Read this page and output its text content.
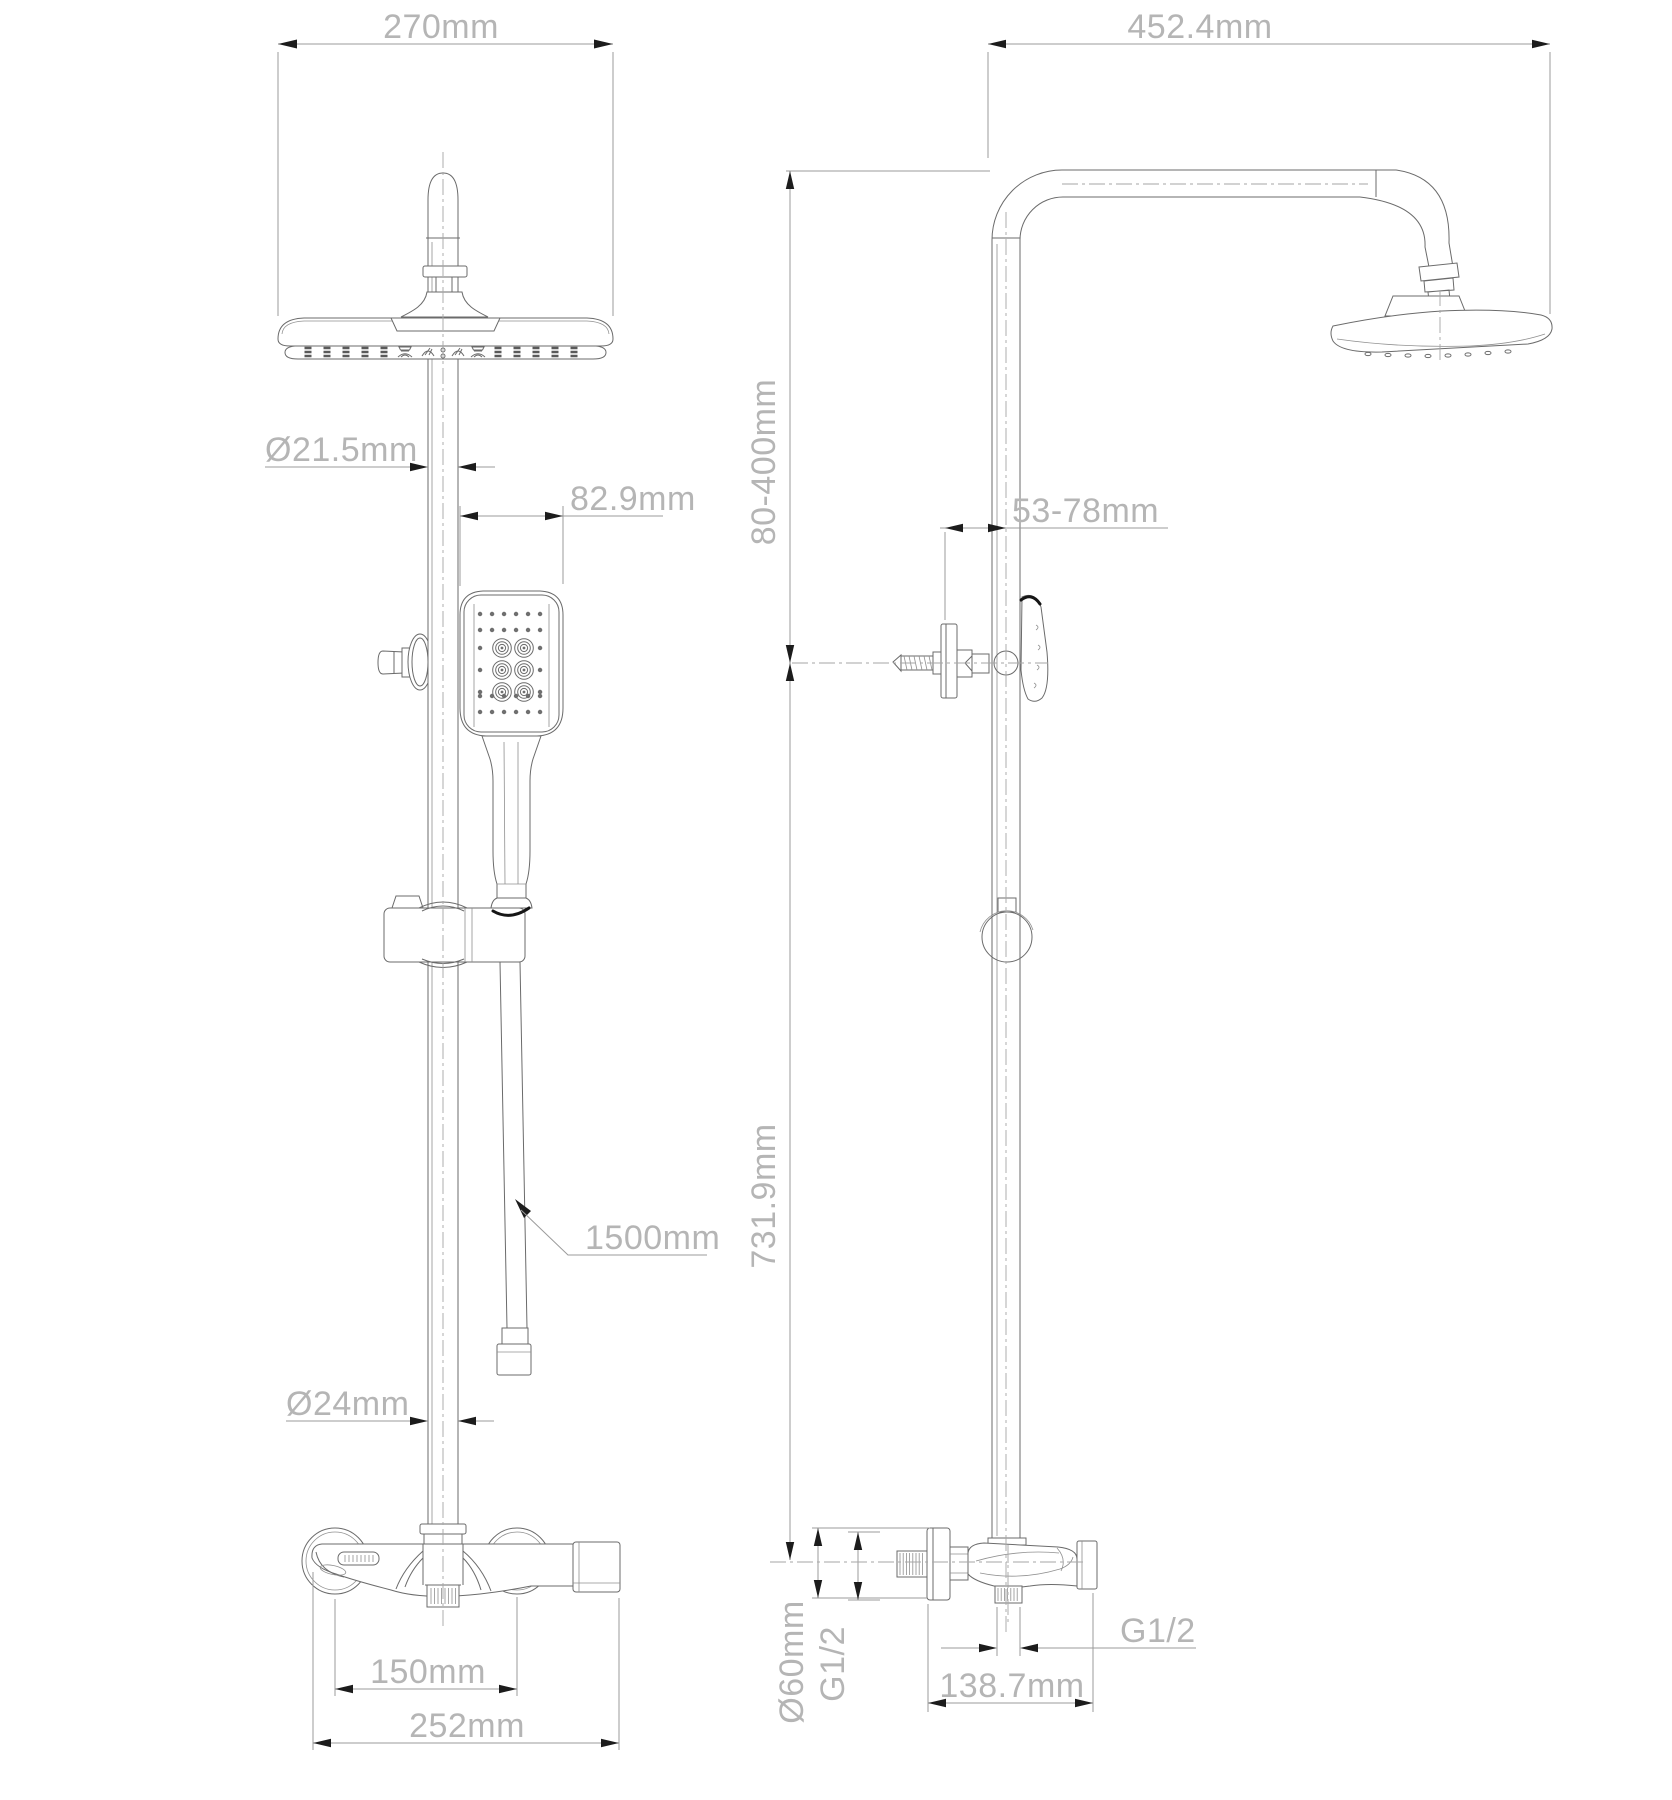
270mm
Ø21.5mm
82.9mm
1500mm
Ø24mm
150mm
252mm
452.4mm
80-400mm
731.9mm
53-78mm
Ø60mm G1/2	G1/2
138.7mm
